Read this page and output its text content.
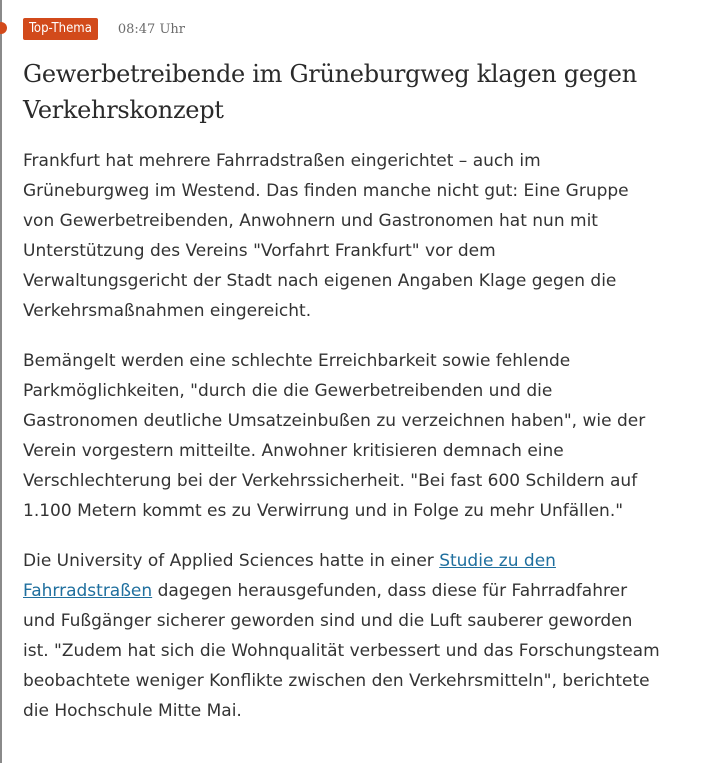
Top-Thema	08:47 Uhr
Gewerbetreibende im Grüneburgweg klagen gegen Verkehrskonzept

Frankfurt hat mehrere Fahrradstraßen eingerichtet – auch im Grüneburgweg im Westend. Das finden manche nicht gut: Eine Gruppe von Gewerbetreibenden, Anwohnern und Gastronomen hat nun mit Unterstützung des Vereins "Vorfahrt Frankfurt" vor dem Verwaltungsgericht der Stadt nach eigenen Angaben Klage gegen die Verkehrsmaßnahmen eingereicht.

Bemängelt werden eine schlechte Erreichbarkeit sowie fehlende Parkmöglichkeiten, "durch die die Gewerbetreibenden und die Gastronomen deutliche Umsatzeinbußen zu verzeichnen haben", wie der Verein vorgestern mitteilte. Anwohner kritisieren demnach eine Verschlechterung bei der Verkehrssicherheit. "Bei fast 600 Schildern auf 1.100 Metern kommt es zu Verwirrung und in Folge zu mehr Unfällen."

Die University of Applied Sciences hatte in einer Studie zu den Fahrradstraßen dagegen herausgefunden, dass diese für Fahrradfahrer und Fußgänger sicherer geworden sind und die Luft sauberer geworden ist. "Zudem hat sich die Wohnqualität verbessert und das Forschungsteam beobachtete weniger Konflikte zwischen den Verkehrsmitteln", berichtete die Hochschule Mitte Mai.
